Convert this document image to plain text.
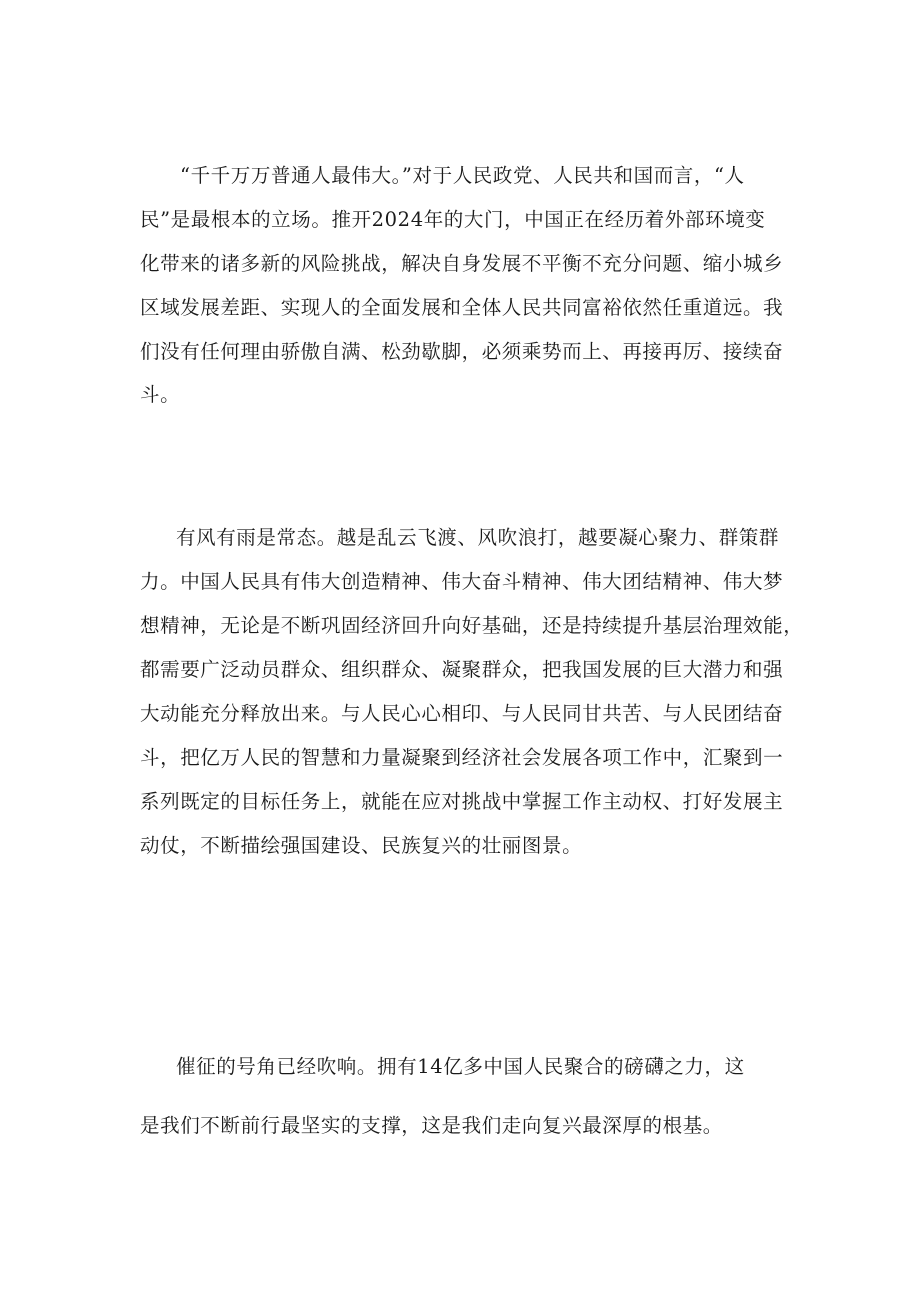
“千千万万普通人最伟大。”对于人民政党、人民共和国而言，“人
民”是最根本的立场。推开2024年的大门，中国正在经历着外部环境变
化带来的诸多新的风险挑战，解决自身发展不平衡不充分问题、缩小城乡
区域发展差距、实现人的全面发展和全体人民共同富裕依然任重道远。我
们没有任何理由骄傲自满、松劲歇脚，必须乘势而上、再接再厉、接续奋
斗。
有风有雨是常态。越是乱云飞渡、风吹浪打，越要凝心聚力、群策群
力。中国人民具有伟大创造精神、伟大奋斗精神、伟大团结精神、伟大梦
想精神，无论是不断巩固经济回升向好基础，还是持续提升基层治理效能，
都需要广泛动员群众、组织群众、凝聚群众，把我国发展的巨大潜力和强
大动能充分释放出来。与人民心心相印、与人民同甘共苦、与人民团结奋
斗，把亿万人民的智慧和力量凝聚到经济社会发展各项工作中，汇聚到一
系列既定的目标任务上，就能在应对挑战中掌握工作主动权、打好发展主
动仗，不断描绘强国建设、民族复兴的壮丽图景。
催征的号角已经吹响。拥有14亿多中国人民聚合的磅礴之力，这
是我们不断前行最坚实的支撑，这是我们走向复兴最深厚的根基。
